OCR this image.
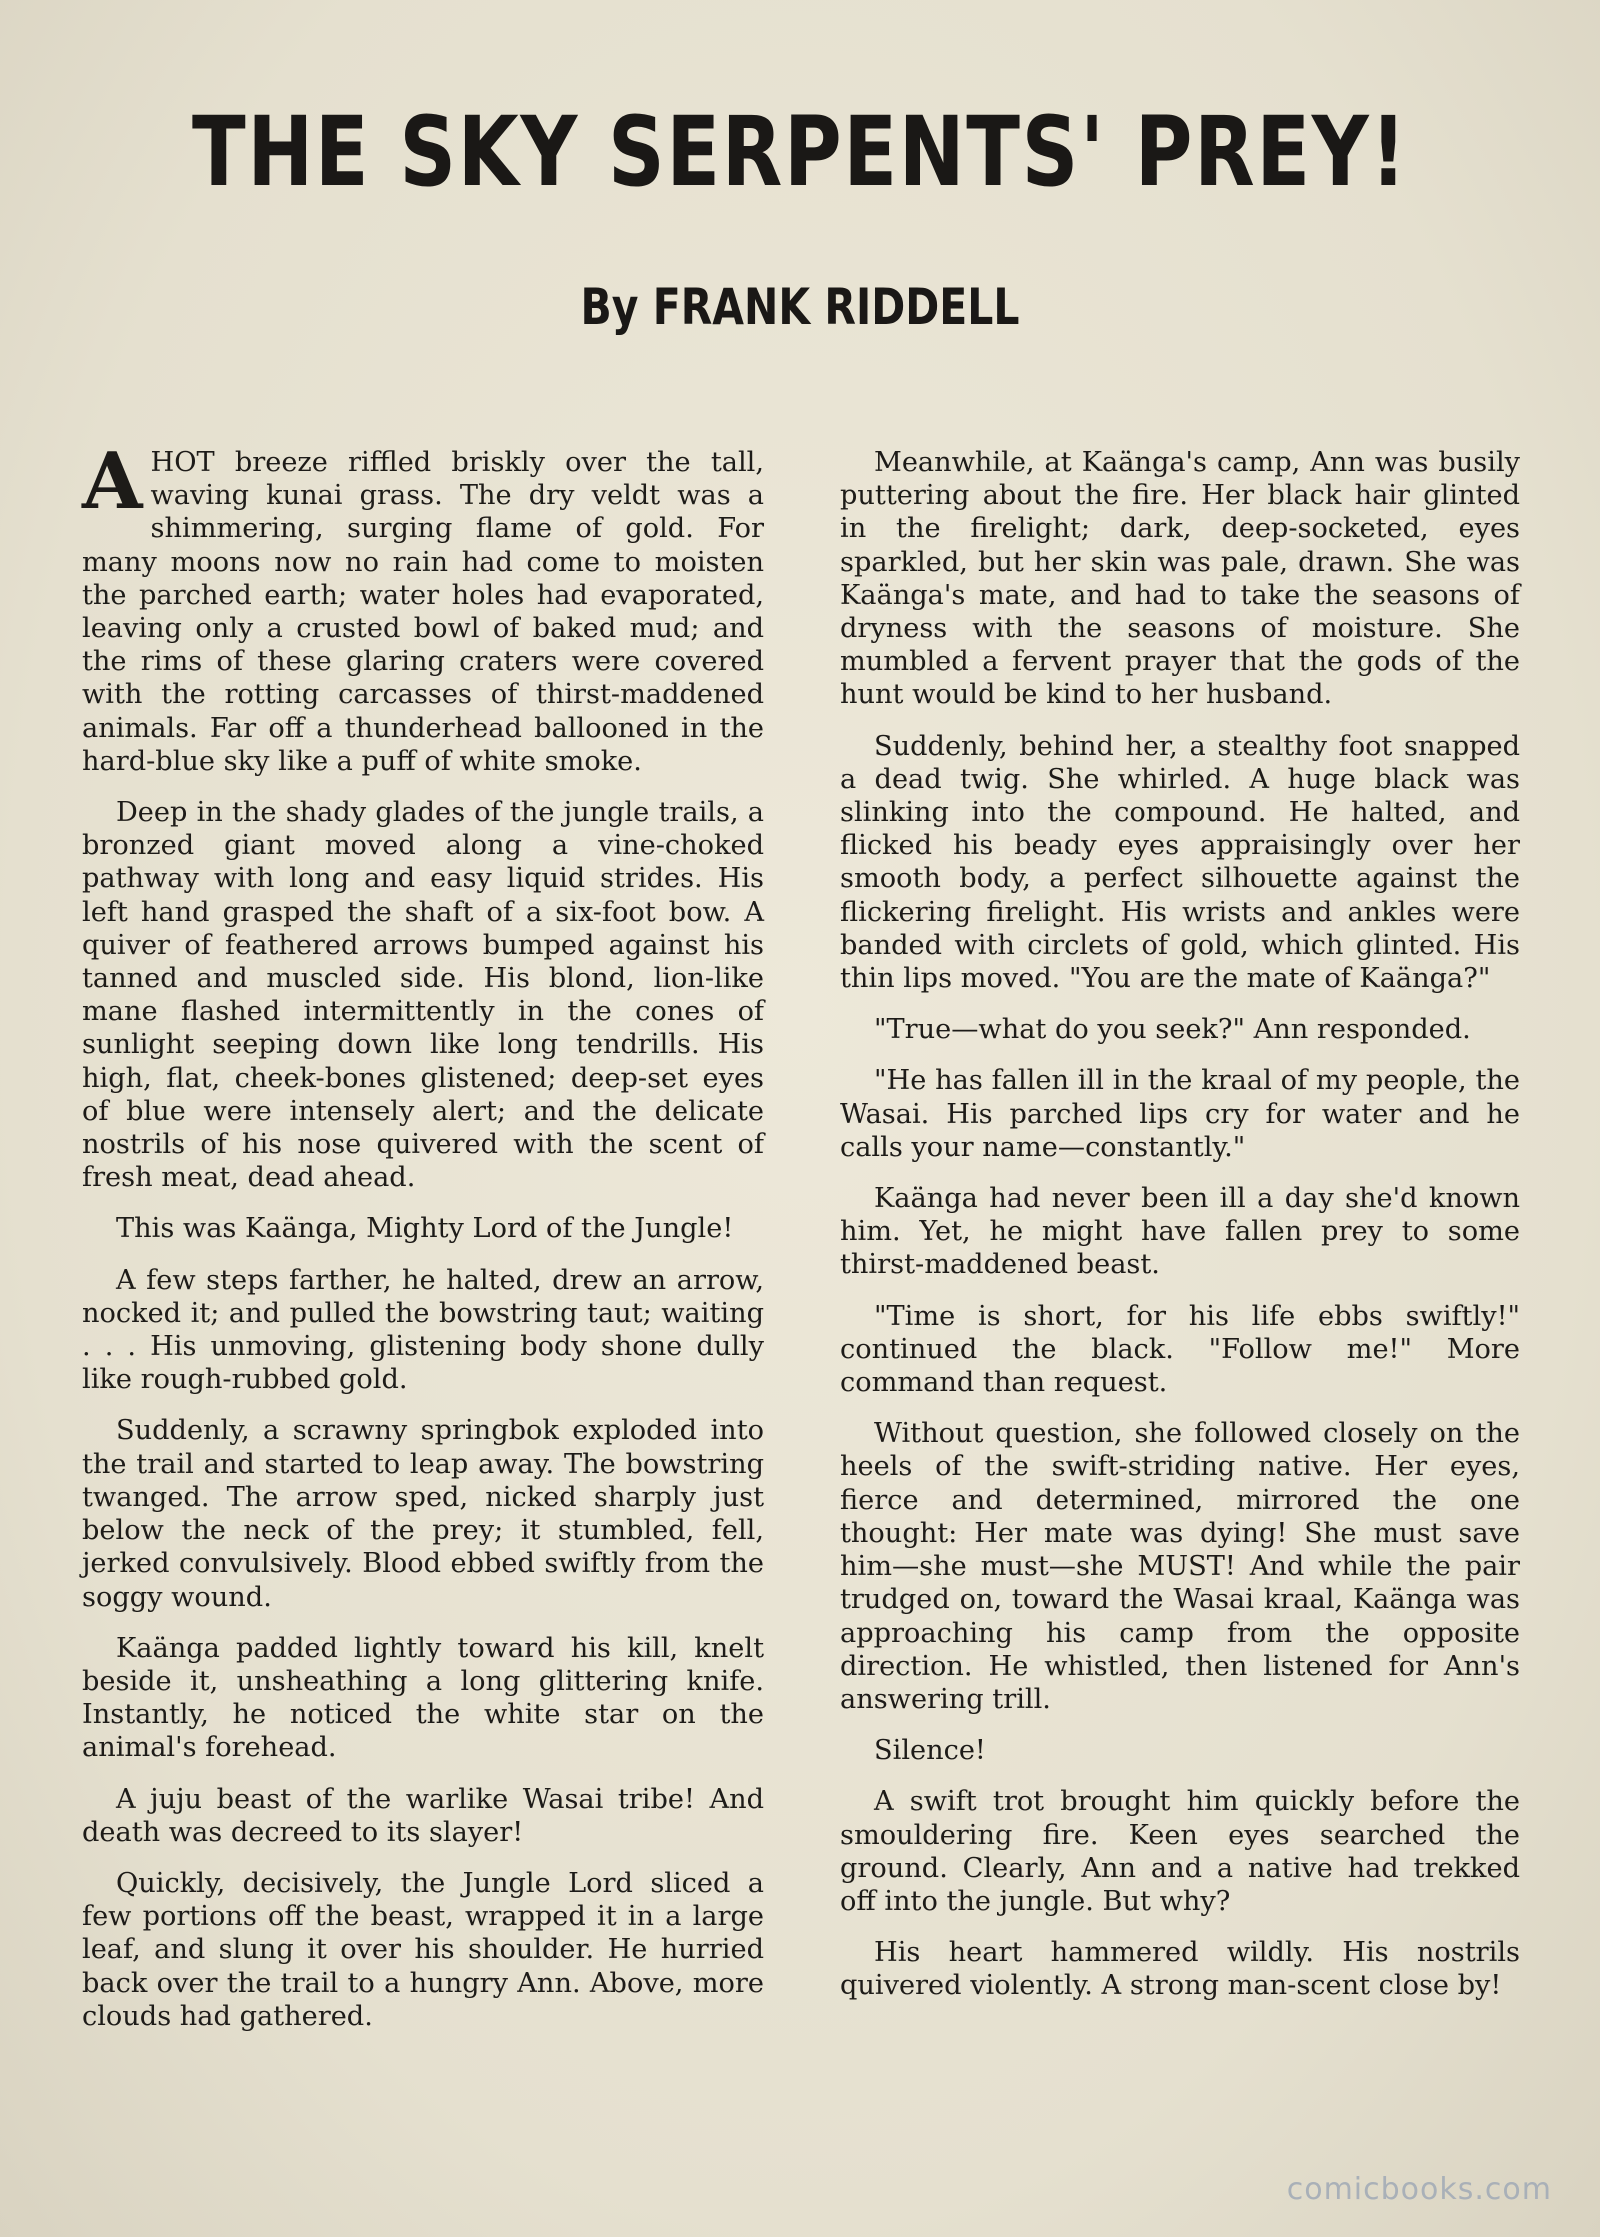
THE SKY SERPENTS' PREY!
By FRANK RIDDELL

AHOT breeze riffled briskly over the tall, waving kunai grass. The dry veldt was a shimmering, surging flame of gold. For many moons now no rain had come to moisten the parched earth; water holes had evaporated, leaving only a crusted bowl of baked mud; and the rims of these glaring craters were covered with the rotting carcasses of thirst-maddened animals. Far off a thunderhead ballooned in the hard-blue sky like a puff of white smoke.

Deep in the shady glades of the jungle trails, a bronzed giant moved along a vine-choked pathway with long and easy liquid strides. His left hand grasped the shaft of a six-foot bow. A quiver of feathered arrows bumped against his tanned and muscled side. His blond, lion-like mane flashed intermittently in the cones of sunlight seeping down like long tendrills. His high, flat, cheek-bones glistened; deep-set eyes of blue were intensely alert; and the delicate nostrils of his nose quivered with the scent of fresh meat, dead ahead.

This was Kaänga, Mighty Lord of the Jungle!

A few steps farther, he halted, drew an arrow, nocked it; and pulled the bowstring taut; waiting . . . His unmoving, glistening body shone dully like rough-rubbed gold.

Suddenly, a scrawny springbok exploded into the trail and started to leap away. The bowstring twanged. The arrow sped, nicked sharply just below the neck of the prey; it stumbled, fell, jerked convulsively. Blood ebbed swiftly from the soggy wound.

Kaänga padded lightly toward his kill, knelt beside it, unsheathing a long glittering knife. Instantly, he noticed the white star on the animal's forehead.

A juju beast of the warlike Wasai tribe! And death was decreed to its slayer!

Quickly, decisively, the Jungle Lord sliced a few portions off the beast, wrapped it in a large leaf, and slung it over his shoulder. He hurried back over the trail to a hungry Ann. Above, more clouds had gathered.

Meanwhile, at Kaänga's camp, Ann was busily puttering about the fire. Her black hair glinted in the firelight; dark, deep-socketed, eyes sparkled, but her skin was pale, drawn. She was Kaänga's mate, and had to take the seasons of dryness with the seasons of moisture. She mumbled a fervent prayer that the gods of the hunt would be kind to her husband.

Suddenly, behind her, a stealthy foot snapped a dead twig. She whirled. A huge black was slinking into the compound. He halted, and flicked his beady eyes appraisingly over her smooth body, a perfect silhouette against the flickering firelight. His wrists and ankles were banded with circlets of gold, which glinted. His thin lips moved. "You are the mate of Kaänga?"

"True—what do you seek?" Ann responded.

"He has fallen ill in the kraal of my people, the Wasai. His parched lips cry for water and he calls your name—constantly."

Kaänga had never been ill a day she'd known him. Yet, he might have fallen prey to some thirst-maddened beast.

"Time is short, for his life ebbs swiftly!" continued the black. "Follow me!" More command than request.

Without question, she followed closely on the heels of the swift-striding native. Her eyes, fierce and determined, mirrored the one thought: Her mate was dying! She must save him—she must—she MUST! And while the pair trudged on, toward the Wasai kraal, Kaänga was approaching his camp from the opposite direction. He whistled, then listened for Ann's answering trill.

Silence!

A swift trot brought him quickly before the smouldering fire. Keen eyes searched the ground. Clearly, Ann and a native had trekked off into the jungle. But why?

His heart hammered wildly. His nostrils quivered violently. A strong man-scent close by!

comicbooks.com
